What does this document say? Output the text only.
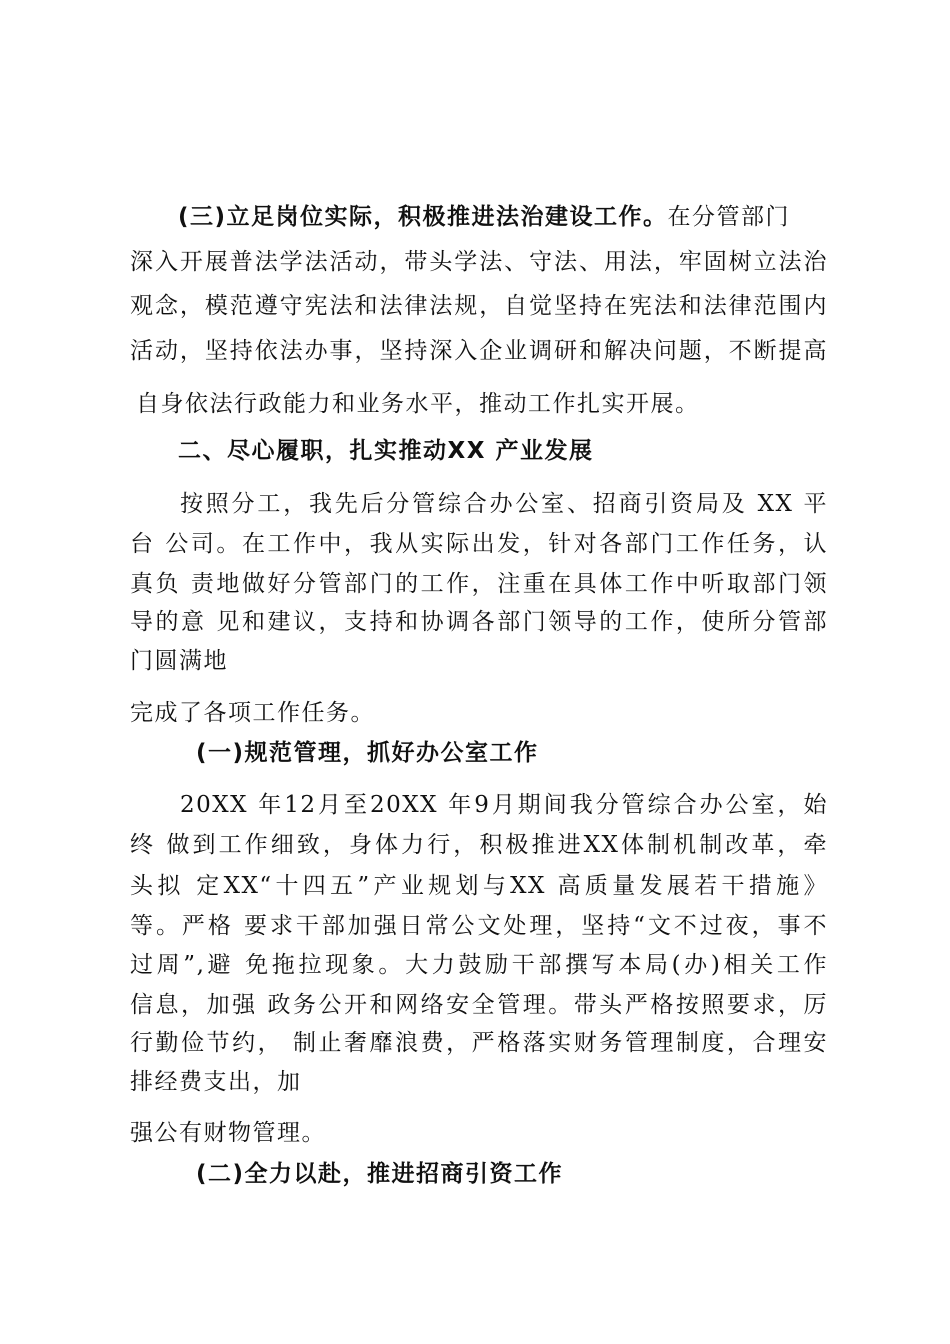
(三)立足岗位实际，积极推进法治建设工作。在分管部门
深入开展普法学法活动，带头学法、守法、用法，牢固树立法治
观念，模范遵守宪法和法律法规，自觉坚持在宪法和法律范围内
活动，坚持依法办事，坚持深入企业调研和解决问题，不断提高
自身依法行政能力和业务水平，推动工作扎实开展。
二、尽心履职，扎实推动XX 产业发展
按照分工，我先后分管综合办公室、招商引资局及 XX 平
台 公司。在工作中，我从实际出发，针对各部门工作任务，认
真负 责地做好分管部门的工作，注重在具体工作中听取部门领
导的意 见和建议，支持和协调各部门领导的工作，使所分管部
门圆满地
完成了各项工作任务。
(一)规范管理，抓好办公室工作
20XX 年12月至20XX 年9月期间我分管综合办公室，始
终 做到工作细致，身体力行，积极推进XX体制机制改革，牵
头拟 定XX“十四五”产业规划与XX 高质量发展若干措施》
等。严格 要求干部加强日常公文处理，坚持“文不过夜，事不
过周”,避 免拖拉现象。大力鼓励干部撰写本局(办)相关工作
信息，加强 政务公开和网络安全管理。带头严格按照要求，厉
行勤俭节约， 制止奢靡浪费，严格落实财务管理制度，合理安
排经费支出，加
强公有财物管理。
(二)全力以赴，推进招商引资工作
